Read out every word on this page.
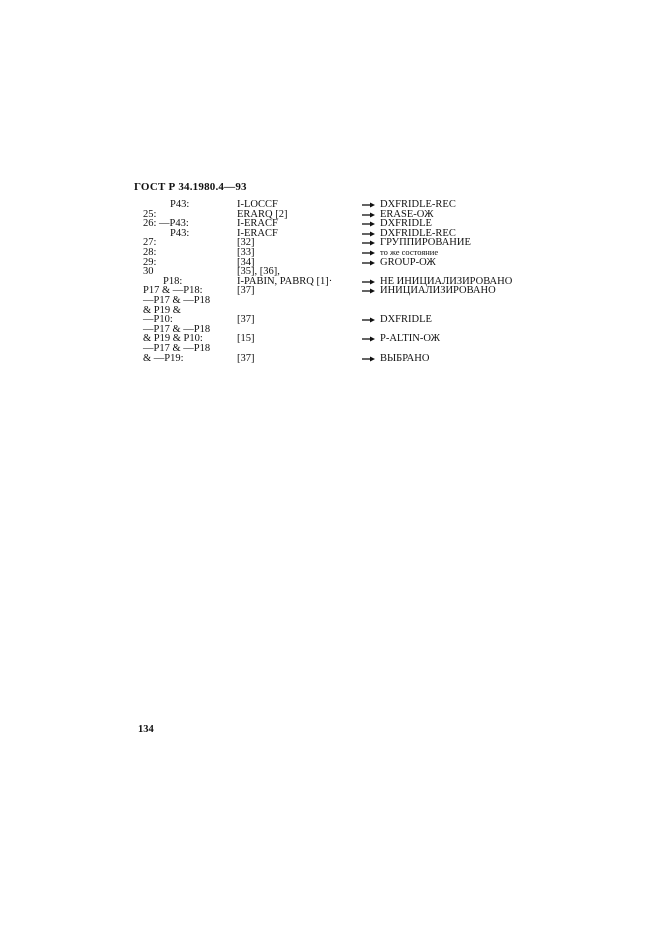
ГОСТ Р 34.1980.4—93
P43:	I-LOCCF	DXFRIDLE-REC
25:	ERARQ [2]	ERASE-ОЖ
26: —P43:	I-ERACF	DXFRIDLE
P43:	I-ERACF	DXFRIDLE-REC
27:	[32]	ГРУППИРОВАНИЕ
28:	[33]	то же состояние
29:	[34]	GROUP-ОЖ
30	[35], [36],
P18:	I-PABIN, PABRQ [1]·	НЕ ИНИЦИАЛИЗИРОВАНО
P17 & —P18:	[37]	ИНИЦИАЛИЗИРОВАНО
—P17 & —P18
& P19 &
—P10:	[37]	DXFRIDLE
—P17 & —P18
& P19 & P10:	[15]	P-ALTIN-ОЖ
—P17 & —P18
& —P19:	[37]	ВЫБРАНО
134
